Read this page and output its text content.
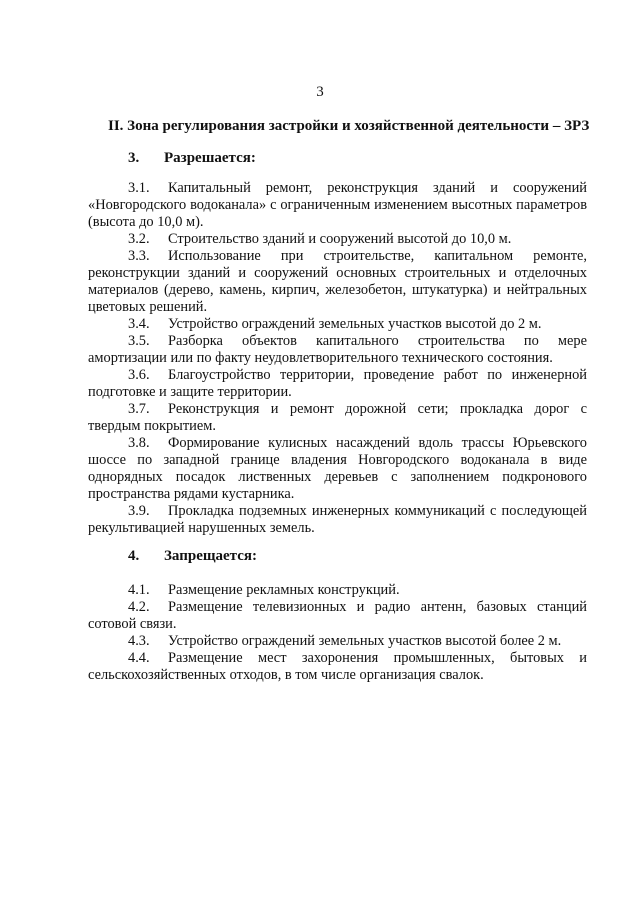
3
II. Зона регулирования застройки и хозяйственной деятельности – ЗРЗ
3. Разрешается:

3.1. Капитальный ремонт, реконструкция зданий и сооружений «Новгородского водоканала» с ограниченным изменением высотных параметров (высота до 10,0 м).

3.2. Строительство зданий и сооружений высотой до 10,0 м.

3.3. Использование при строительстве, капитальном ремонте, реконструкции зданий и сооружений основных строительных и отделочных материалов (дерево, камень, кирпич, железобетон, штукатурка) и нейтральных цветовых решений.

3.4. Устройство ограждений земельных участков высотой до 2 м.

3.5. Разборка объектов капитального строительства по мере амортизации или по факту неудовлетворительного технического состояния.

3.6. Благоустройство территории, проведение работ по инженерной подготовке и защите территории.

3.7. Реконструкция и ремонт дорожной сети; прокладка дорог с твердым покрытием.

3.8. Формирование кулисных насаждений вдоль трассы Юрьевского шоссе по западной границе владения Новгородского водоканала в виде однорядных посадок лиственных деревьев с заполнением подкронового пространства рядами кустарника.

3.9. Прокладка подземных инженерных коммуникаций с последующей рекультивацией нарушенных земель.

4. Запрещается:

4.1. Размещение рекламных конструкций.

4.2. Размещение телевизионных и радио антенн, базовых станций сотовой связи.

4.3. Устройство ограждений земельных участков высотой более 2 м.

4.4. Размещение мест захоронения промышленных, бытовых и сельскохозяйственных отходов, в том числе организация свалок.
